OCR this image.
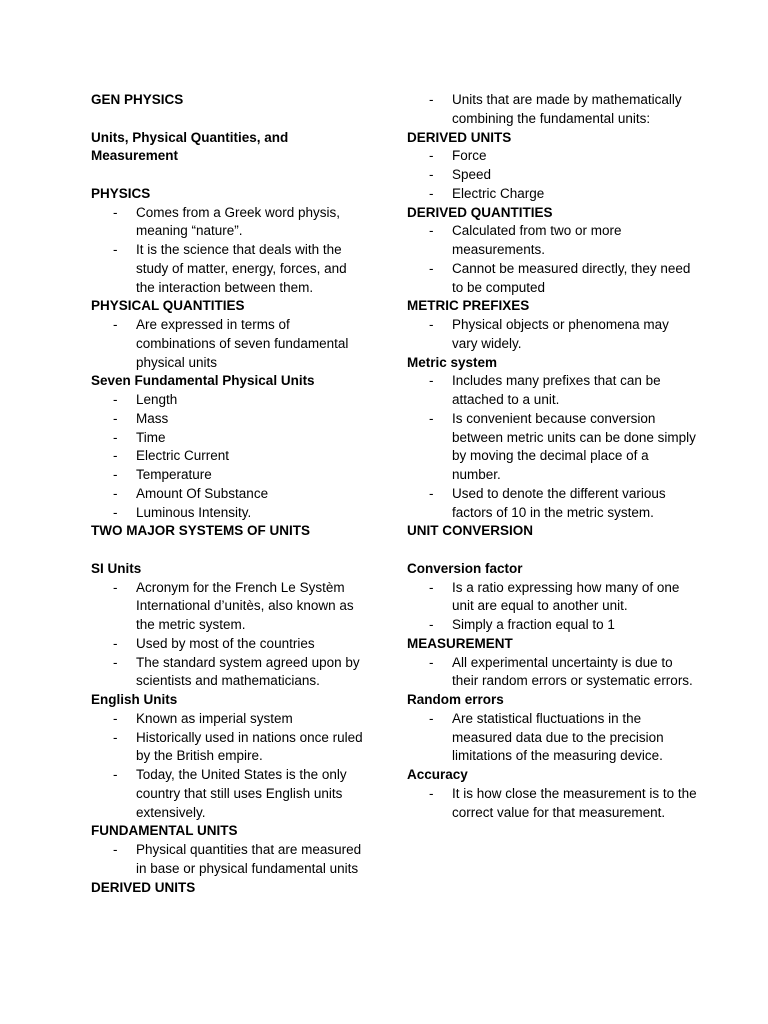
GEN PHYSICS
Units, Physical Quantities, and Measurement
PHYSICS
- Comes from a Greek word physis, meaning “nature”.
- It is the science that deals with the study of matter, energy, forces, and the interaction between them.
PHYSICAL QUANTITIES
- Are expressed in terms of combinations of seven fundamental physical units
Seven Fundamental Physical Units
- Length
- Mass
- Time
- Electric Current
- Temperature
- Amount Of Substance
- Luminous Intensity.
TWO MAJOR SYSTEMS OF UNITS
SI Units
- Acronym for the French Le Systèm International d’unitès, also known as the metric system.
- Used by most of the countries
- The standard system agreed upon by scientists and mathematicians.
English Units
- Known as imperial system
- Historically used in nations once ruled by the British empire.
- Today, the United States is the only country that still uses English units extensively.
FUNDAMENTAL UNITS
- Physical quantities that are measured in base or physical fundamental units
DERIVED UNITS
- Units that are made by mathematically combining the fundamental units:
DERIVED UNITS
- Force
- Speed
- Electric Charge
DERIVED QUANTITIES
- Calculated from two or more measurements.
- Cannot be measured directly, they need to be computed
METRIC PREFIXES
- Physical objects or phenomena may vary widely.
Metric system
- Includes many prefixes that can be attached to a unit.
- Is convenient because conversion between metric units can be done simply by moving the decimal place of a number.
- Used to denote the different various factors of 10 in the metric system.
UNIT CONVERSION
Conversion factor
- Is a ratio expressing how many of one unit are equal to another unit.
- Simply a fraction equal to 1
MEASUREMENT
- All experimental uncertainty is due to their random errors or systematic errors.
Random errors
- Are statistical fluctuations in the measured data due to the precision limitations of the measuring device.
Accuracy
- It is how close the measurement is to the correct value for that measurement.
